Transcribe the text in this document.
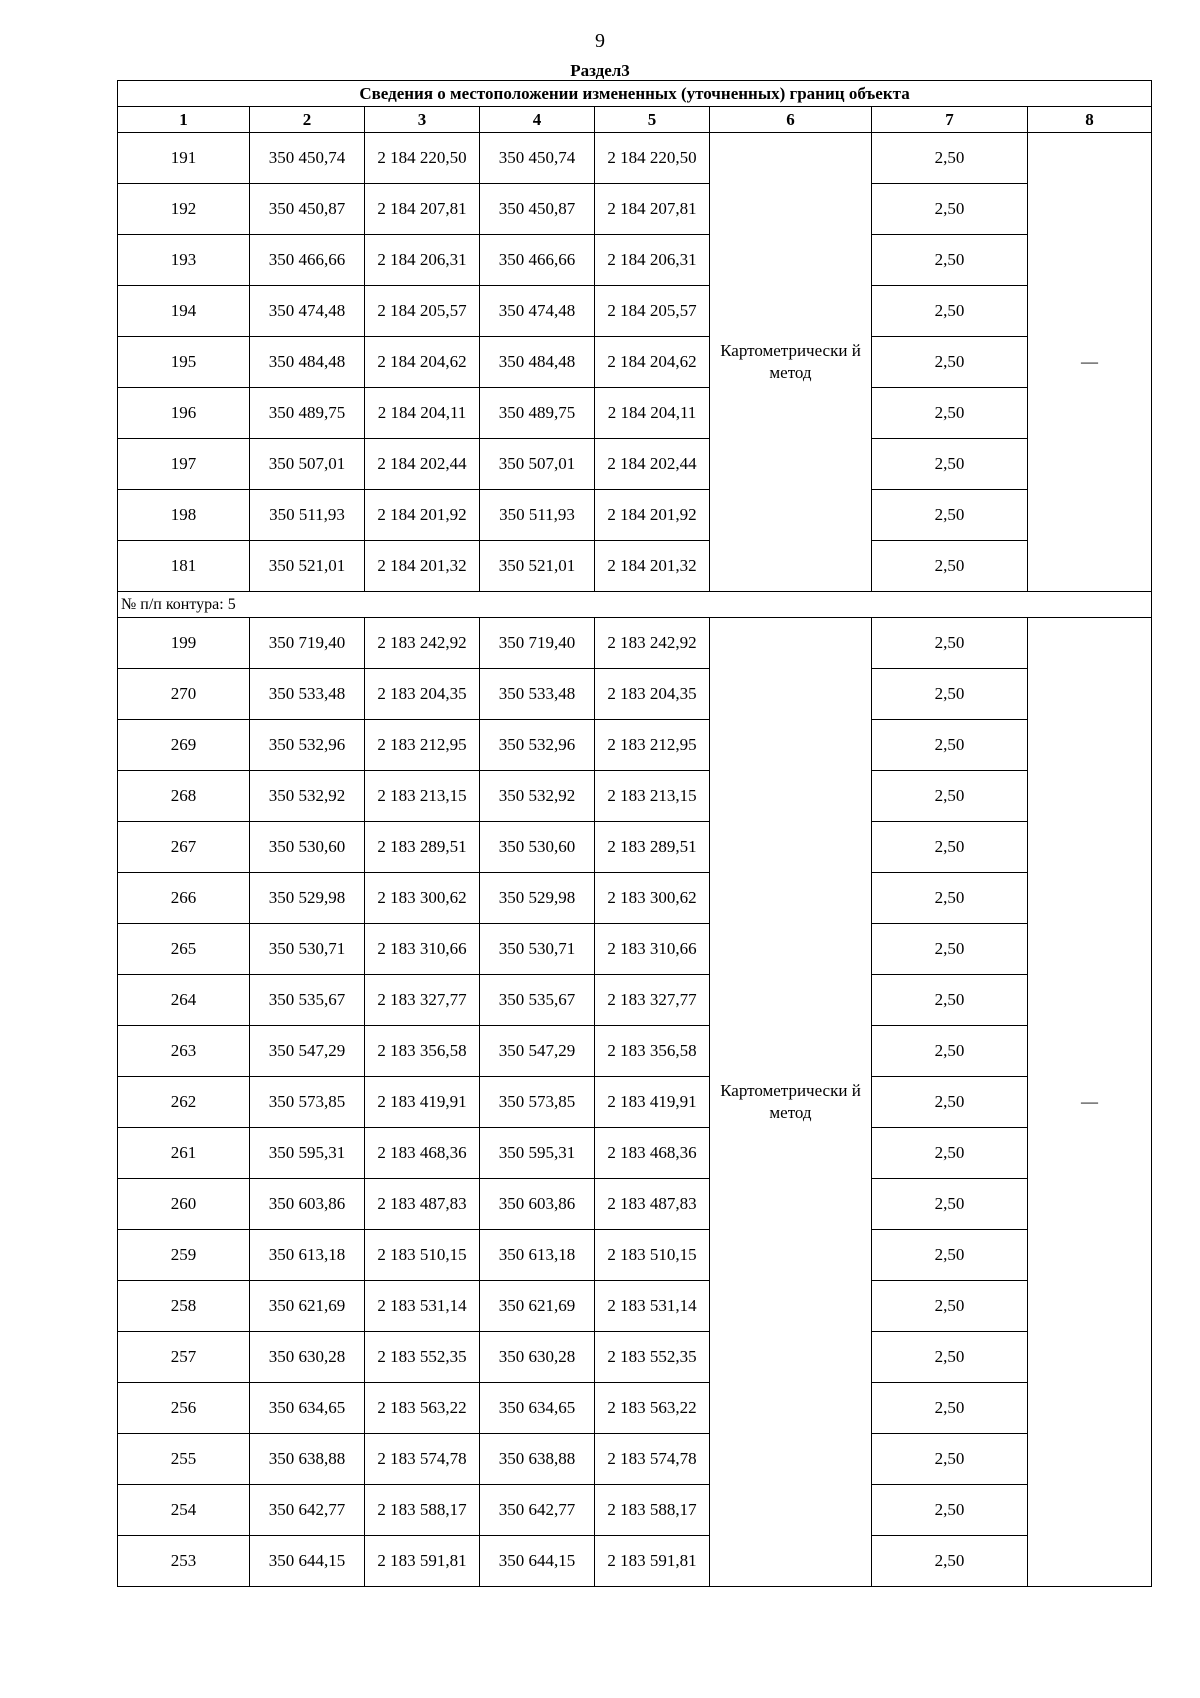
9
Раздел3
Сведения о местоположении измененных (уточненных) границ объекта							
1	2	3	4	5	6	7	8
191	350 450,74	2 184 220,50	350 450,74	2 184 220,50	Картометрически й метод	2,50	—
192	350 450,87	2 184 207,81	350 450,87	2 184 207,81		2,50	
193	350 466,66	2 184 206,31	350 466,66	2 184 206,31		2,50	
194	350 474,48	2 184 205,57	350 474,48	2 184 205,57		2,50	
195	350 484,48	2 184 204,62	350 484,48	2 184 204,62		2,50	
196	350 489,75	2 184 204,11	350 489,75	2 184 204,11		2,50	
197	350 507,01	2 184 202,44	350 507,01	2 184 202,44		2,50	
198	350 511,93	2 184 201,92	350 511,93	2 184 201,92		2,50	
181	350 521,01	2 184 201,32	350 521,01	2 184 201,32		2,50	
№ п/п контура: 5							
199	350 719,40	2 183 242,92	350 719,40	2 183 242,92	Картометрически й метод	2,50	—
270	350 533,48	2 183 204,35	350 533,48	2 183 204,35		2,50	
269	350 532,96	2 183 212,95	350 532,96	2 183 212,95		2,50	
268	350 532,92	2 183 213,15	350 532,92	2 183 213,15		2,50	
267	350 530,60	2 183 289,51	350 530,60	2 183 289,51		2,50	
266	350 529,98	2 183 300,62	350 529,98	2 183 300,62		2,50	
265	350 530,71	2 183 310,66	350 530,71	2 183 310,66		2,50	
264	350 535,67	2 183 327,77	350 535,67	2 183 327,77		2,50	
263	350 547,29	2 183 356,58	350 547,29	2 183 356,58		2,50	
262	350 573,85	2 183 419,91	350 573,85	2 183 419,91		2,50	
261	350 595,31	2 183 468,36	350 595,31	2 183 468,36		2,50	
260	350 603,86	2 183 487,83	350 603,86	2 183 487,83		2,50	
259	350 613,18	2 183 510,15	350 613,18	2 183 510,15		2,50	
258	350 621,69	2 183 531,14	350 621,69	2 183 531,14		2,50	
257	350 630,28	2 183 552,35	350 630,28	2 183 552,35		2,50	
256	350 634,65	2 183 563,22	350 634,65	2 183 563,22		2,50	
255	350 638,88	2 183 574,78	350 638,88	2 183 574,78		2,50	
254	350 642,77	2 183 588,17	350 642,77	2 183 588,17		2,50	
253	350 644,15	2 183 591,81	350 644,15	2 183 591,81		2,50	
